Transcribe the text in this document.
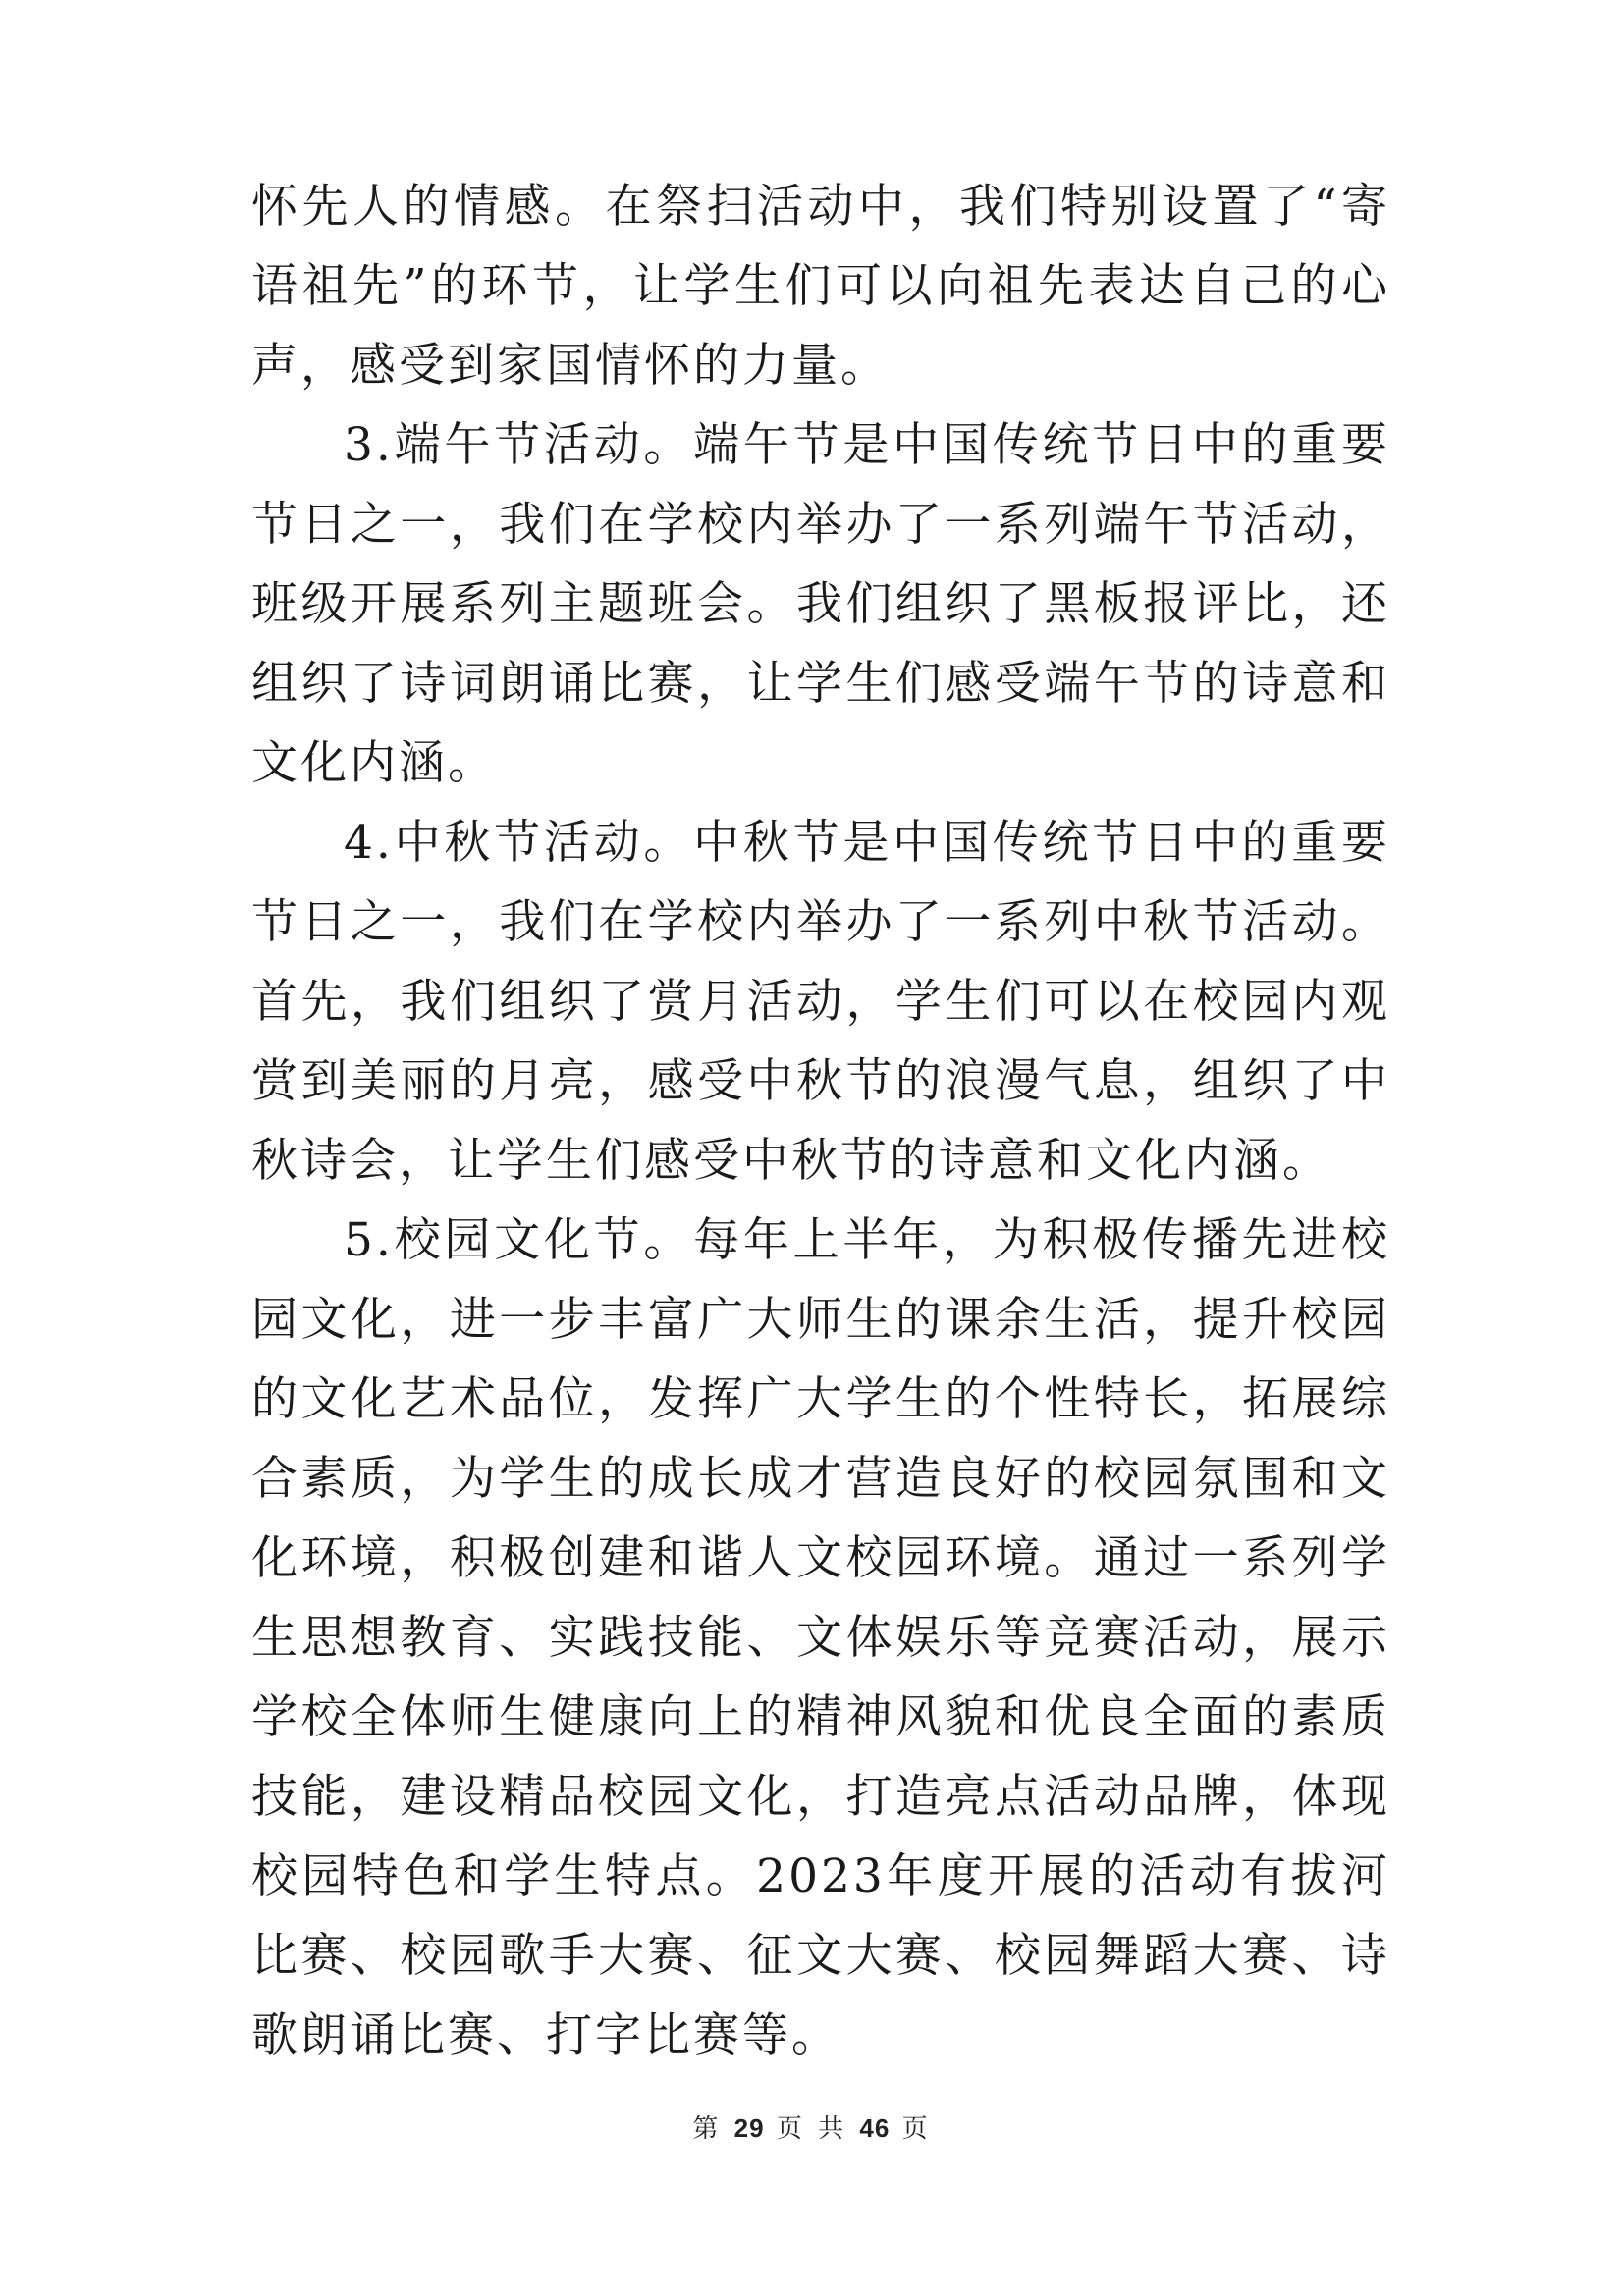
怀先人的情感。在祭扫活动中，我们特别设置了“寄语祖先”的环节，让学生们可以向祖先表达自己的心声，感受到家国情怀的力量。

3.端午节活动。端午节是中国传统节日中的重要节日之一，我们在学校内举办了一系列端午节活动，班级开展系列主题班会。我们组织了黑板报评比，还组织了诗词朗诵比赛，让学生们感受端午节的诗意和文化内涵。

4.中秋节活动。中秋节是中国传统节日中的重要节日之一，我们在学校内举办了一系列中秋节活动。首先，我们组织了赏月活动，学生们可以在校园内观赏到美丽的月亮，感受中秋节的浪漫气息，组织了中秋诗会，让学生们感受中秋节的诗意和文化内涵。

5.校园文化节。每年上半年，为积极传播先进校园文化，进一步丰富广大师生的课余生活，提升校园的文化艺术品位，发挥广大学生的个性特长，拓展综合素质，为学生的成长成才营造良好的校园氛围和文化环境，积极创建和谐人文校园环境。通过一系列学生思想教育、实践技能、文体娱乐等竞赛活动，展示学校全体师生健康向上的精神风貌和优良全面的素质技能，建设精品校园文化，打造亮点活动品牌，体现校园特色和学生特点。2023年度开展的活动有拔河比赛、校园歌手大赛、征文大赛、校园舞蹈大赛、诗歌朗诵比赛、打字比赛等。

第 29 页 共 46 页
